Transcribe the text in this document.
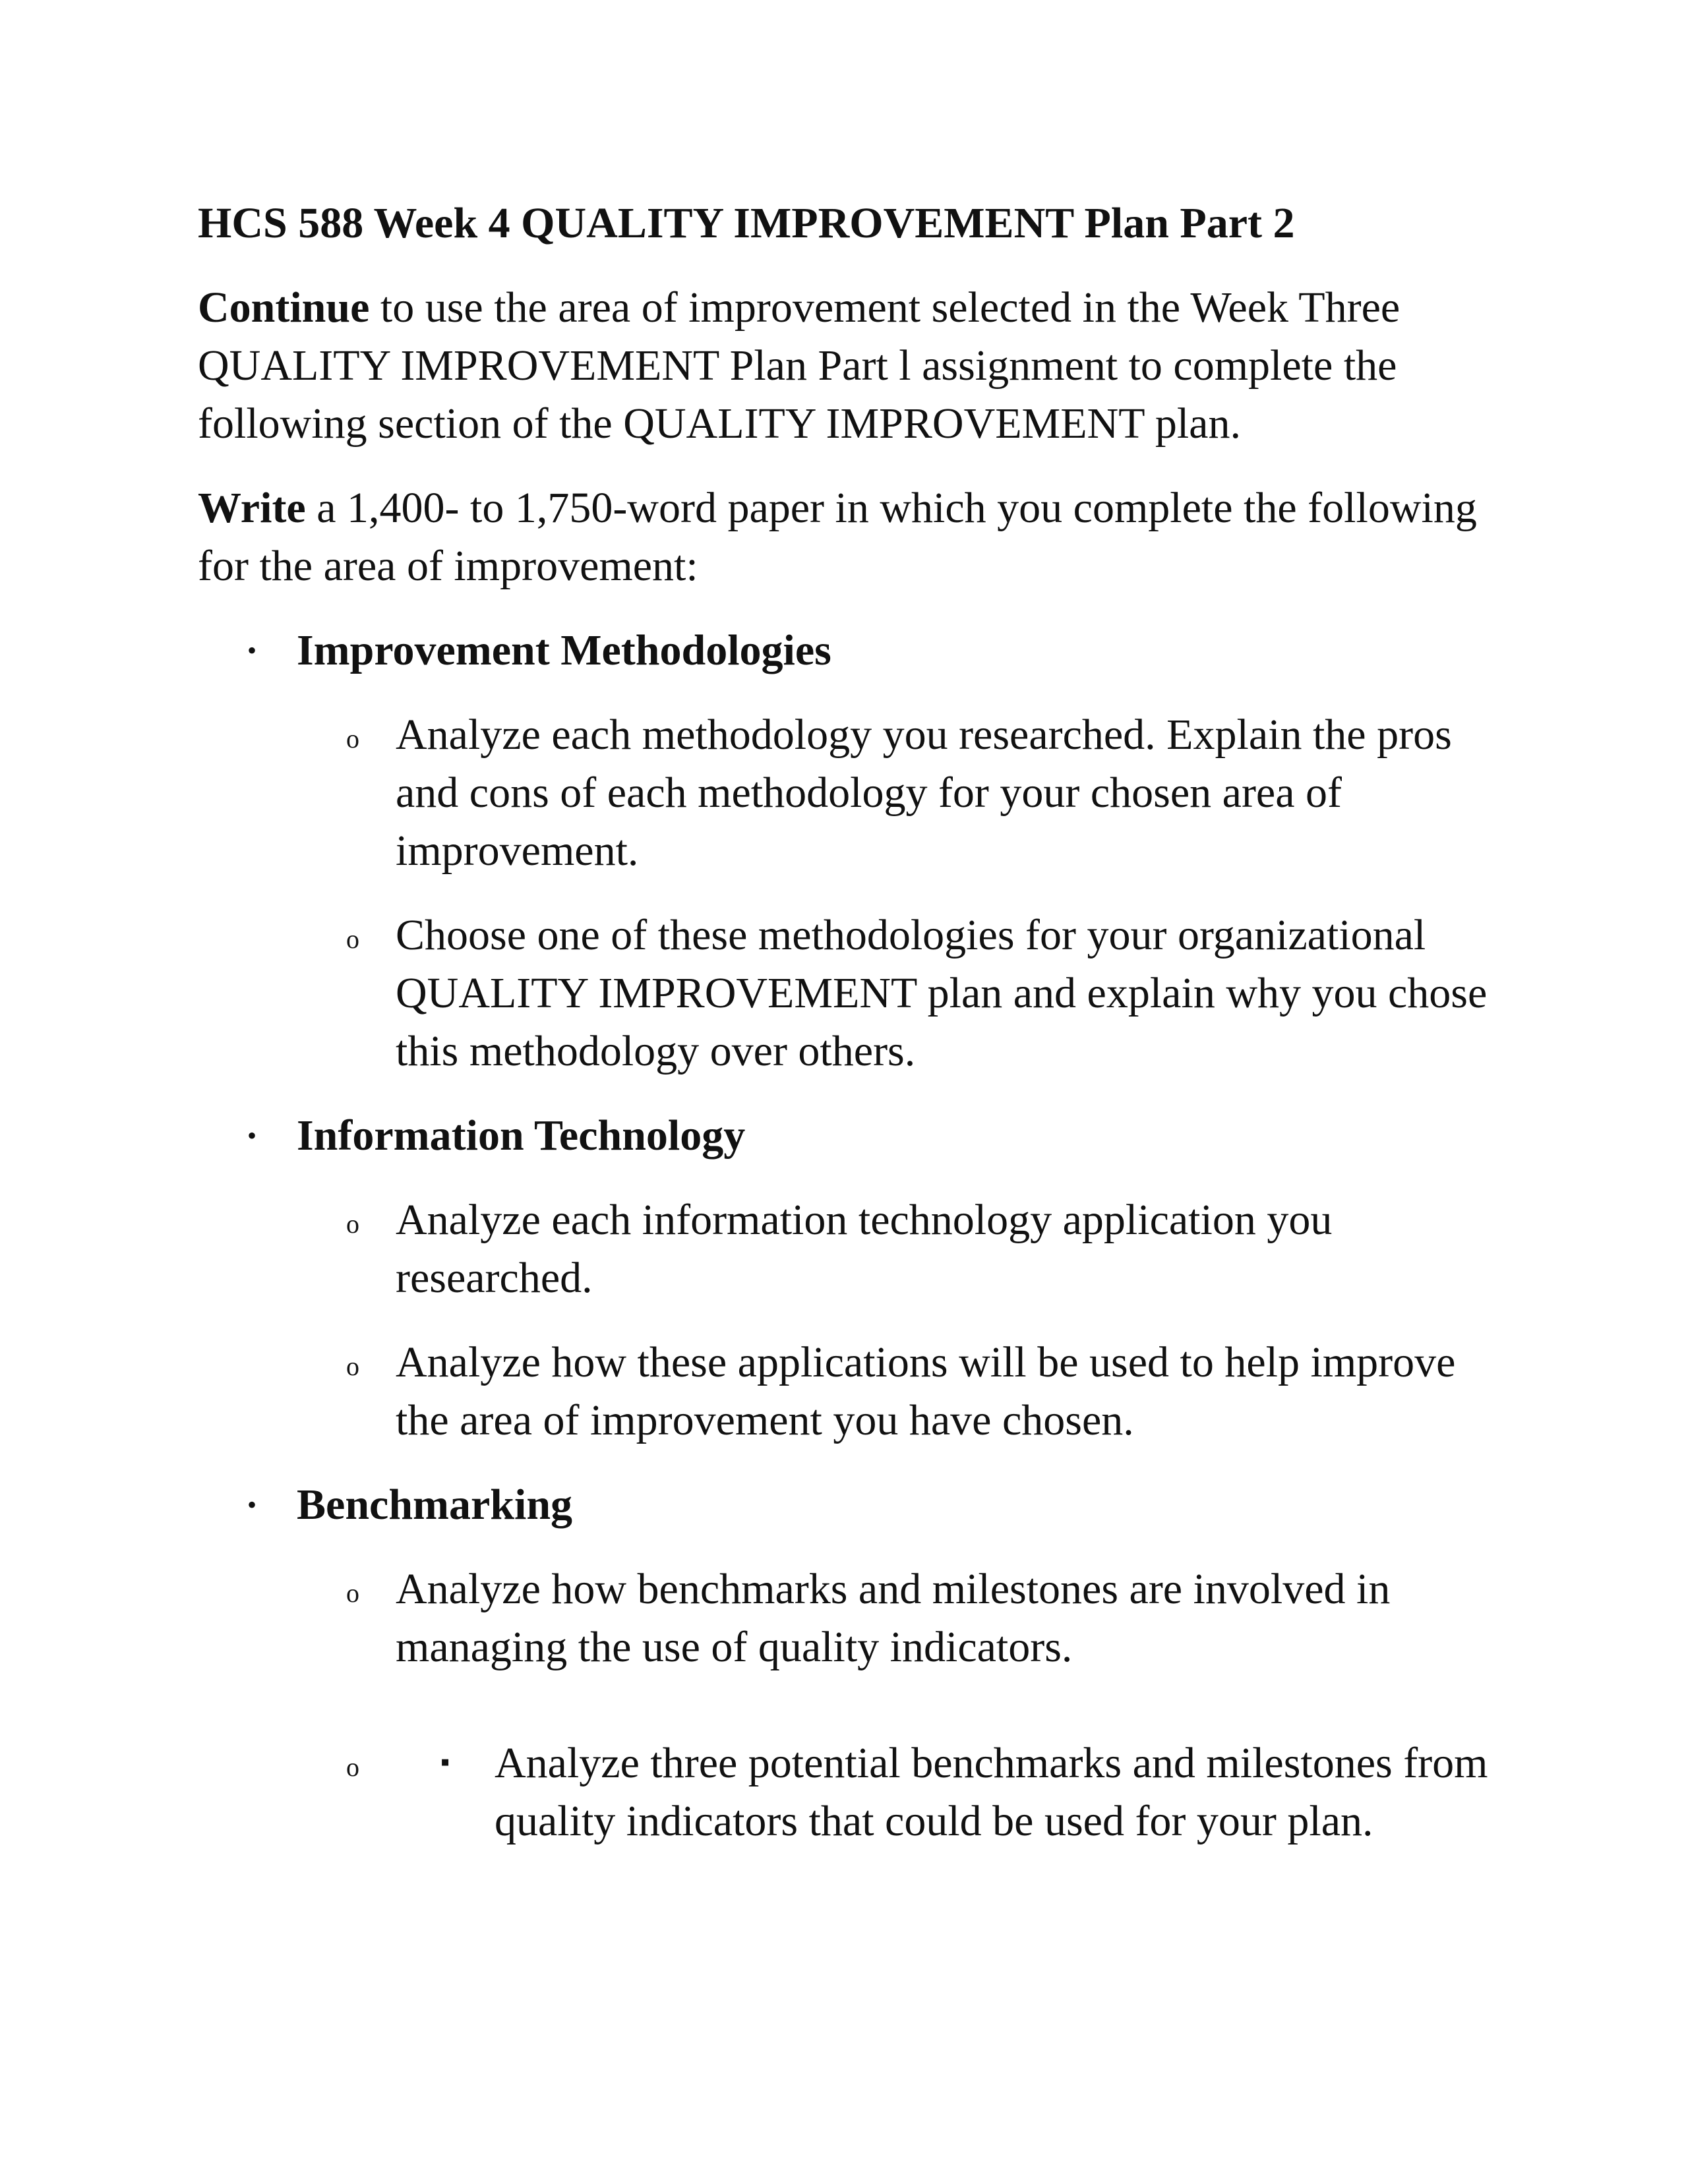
HCS 588 Week 4 QUALITY IMPROVEMENT Plan Part 2

Continue to use the area of improvement selected in the Week Three QUALITY IMPROVEMENT Plan Part l assignment to complete the following section of the QUALITY IMPROVEMENT plan.

Write a 1,400- to 1,750-word paper in which you complete the following for the area of improvement:

• Improvement Methodologies
o Analyze each methodology you researched. Explain the pros and cons of each methodology for your chosen area of improvement.
o Choose one of these methodologies for your organizational QUALITY IMPROVEMENT plan and explain why you chose this methodology over others.
• Information Technology
o Analyze each information technology application you researched.
o Analyze how these applications will be used to help improve the area of improvement you have chosen.
• Benchmarking
o Analyze how benchmarks and milestones are involved in managing the use of quality indicators.
o	▪ Analyze three potential benchmarks and milestones from quality indicators that could be used for your plan.
